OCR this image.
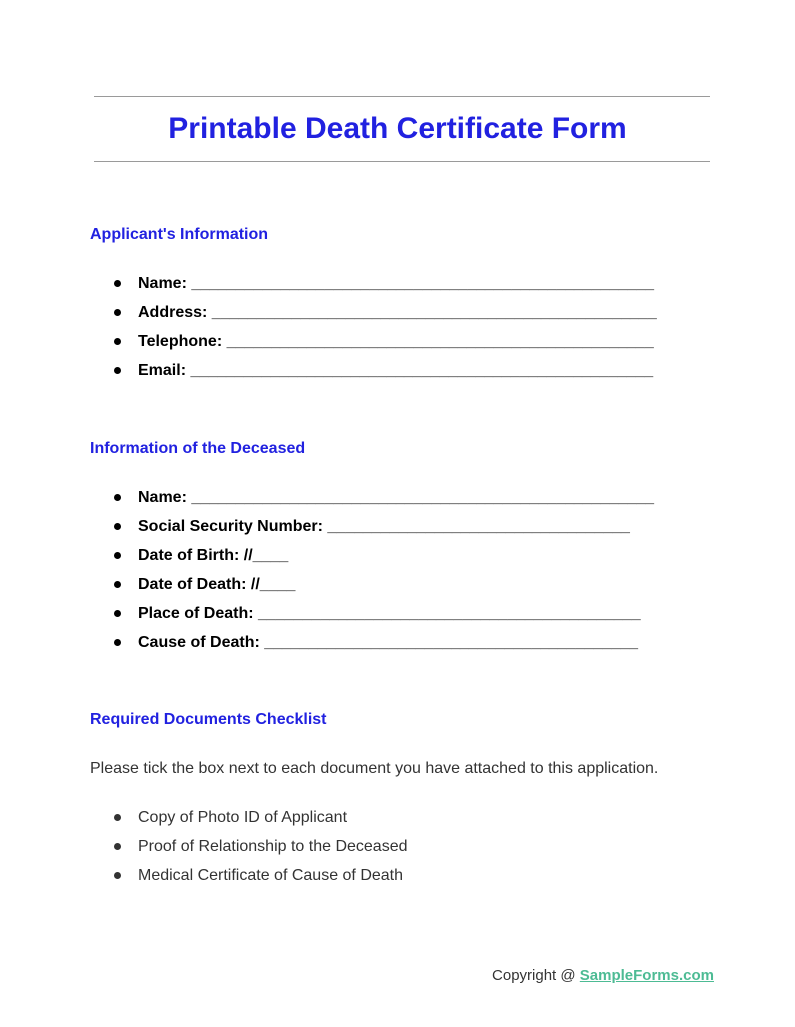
Printable Death Certificate Form
Applicant's Information
Name: ____________________________________________________
Address: __________________________________________________
Telephone: ________________________________________________
Email: ____________________________________________________
Information of the Deceased
Name: ____________________________________________________
Social Security Number: __________________________________
Date of Birth: //____
Date of Death: //____
Place of Death: ___________________________________________
Cause of Death: __________________________________________
Required Documents Checklist

Please tick the box next to each document you have attached to this application.

Copy of Photo ID of Applicant
Proof of Relationship to the Deceased
Medical Certificate of Cause of Death
Copyright @ SampleForms.com
